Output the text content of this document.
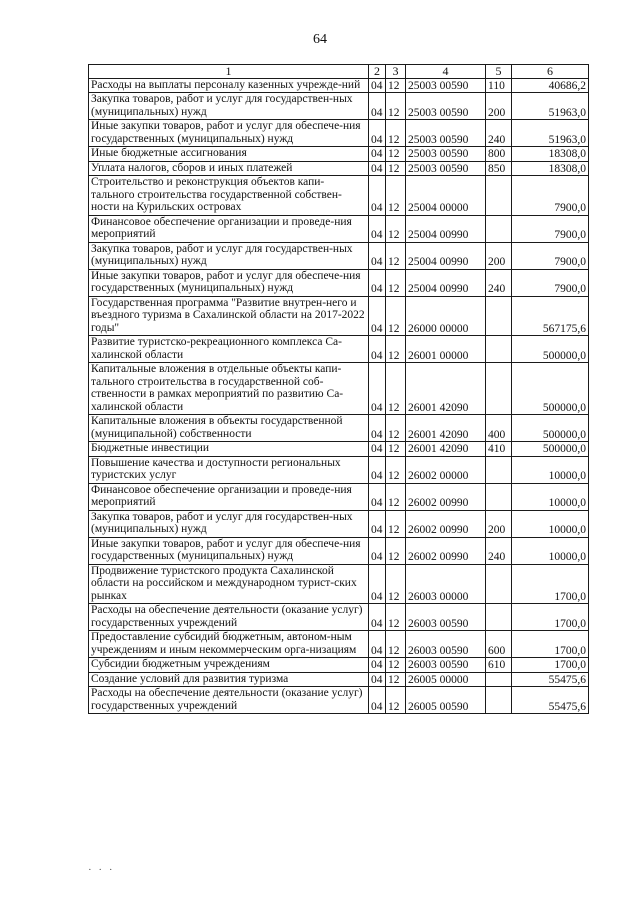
64
1	2	3	4	5	6
Расходы на выплаты персоналу казенных учрежде-ний	04	12	25003 00590	110	40686,2
Закупка товаров, работ и услуг для государствен-ных (муниципальных) нужд	04	12	25003 00590	200	51963,0
Иные закупки товаров, работ и услуг для обеспече-ния государственных (муниципальных) нужд	04	12	25003 00590	240	51963,0
Иные бюджетные ассигнования	04	12	25003 00590	800	18308,0
Уплата налогов, сборов и иных платежей	04	12	25003 00590	850	18308,0
Строительство и реконструкция объектов капи-тального строительства государственной собствен-ности на Курильских островах	04	12	25004 00000		7900,0
Финансовое обеспечение организации и проведе-ния мероприятий	04	12	25004 00990		7900,0
Закупка товаров, работ и услуг для государствен-ных (муниципальных) нужд	04	12	25004 00990	200	7900,0
Иные закупки товаров, работ и услуг для обеспече-ния государственных (муниципальных) нужд	04	12	25004 00990	240	7900,0
Государственная программа "Развитие внутрен-него и въездного туризма в Сахалинской области на 2017-2022 годы"	04	12	26000 00000		567175,6
Развитие туристско-рекреационного комплекса Са-халинской области	04	12	26001 00000		500000,0
Капитальные вложения в отдельные объекты капи-тального строительства в государственной соб-ственности в рамках мероприятий по развитию Са-халинской области	04	12	26001 42090		500000,0
Капитальные вложения в объекты государственной (муниципальной) собственности	04	12	26001 42090	400	500000,0
Бюджетные инвестиции	04	12	26001 42090	410	500000,0
Повышение качества и доступности региональных туристских услуг	04	12	26002 00000		10000,0
Финансовое обеспечение организации и проведе-ния мероприятий	04	12	26002 00990		10000,0
Закупка товаров, работ и услуг для государствен-ных (муниципальных) нужд	04	12	26002 00990	200	10000,0
Иные закупки товаров, работ и услуг для обеспече-ния государственных (муниципальных) нужд	04	12	26002 00990	240	10000,0
Продвижение туристского продукта Сахалинской области на российском и международном турист-ских рынках	04	12	26003 00000		1700,0
Расходы на обеспечение деятельности (оказание услуг) государственных учреждений	04	12	26003 00590		1700,0
Предоставление субсидий бюджетным, автоном-ным учреждениям и иным некоммерческим орга-низациям	04	12	26003 00590	600	1700,0
Субсидии бюджетным учреждениям	04	12	26003 00590	610	1700,0
Создание условий для развития туризма	04	12	26005 00000		55475,6
Расходы на обеспечение деятельности (оказание услуг) государственных учреждений	04	12	26005 00590		55475,6
· · ·
